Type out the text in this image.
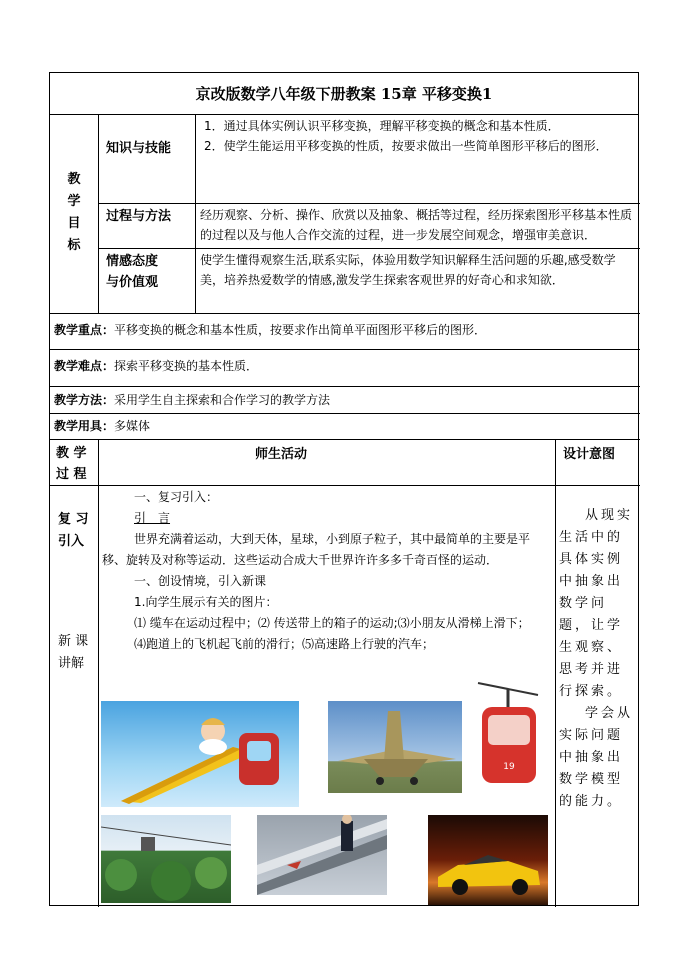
京改版数学八年级下册教案 15章 平移变换1
教学目标
知识与技能
1．通过具体实例认识平移变换，理解平移变换的概念和基本性质．
2．使学生能运用平移变换的性质，按要求做出一些简单图形平移后的图形．
过程与方法 经历观察、分析、操作、欣赏以及抽象、概括等过程，经历探索图形平移基本性质的过程以及与他人合作交流的过程，进一步发展空间观念，增强审美意识．
情感态度
与价值观
使学生懂得观察生活,联系实际，体验用数学知识解释生活问题的乐趣,感受数学美，培养热爱数学的情感,激发学生探索客观世界的好奇心和求知欲．
教学重点：平移变换的概念和基本性质，按要求作出简单平面图形平移后的图形．
教学难点：探索平移变换的基本性质．
教学方法：采用学生自主探索和合作学习的教学方法
教学用具：多媒体
教 学
过 程
师生活动	设计意图
复 习
引入
新 课
讲解
一、复习引入：
引　言
世界充满着运动，大到天体，星球，小到原子粒子，其中最简单的主要是平移、旋转及对称等运动．这些运动合成大千世界许许多多千奇百怪的运动．
一、创设情境，引入新课
1.向学生展示有关的图片：
⑴ 缆车在运动过程中；⑵ 传送带上的箱子的运动;⑶小朋友从滑梯上滑下；
⑷跑道上的飞机起飞前的滑行；⑸高速路上行驶的汽车；
从现实生活中的具体实例中抽象出数学问题，让学生观察、思考并进行探索。
学会从实际问题中抽象出数学模型的能力。
19
